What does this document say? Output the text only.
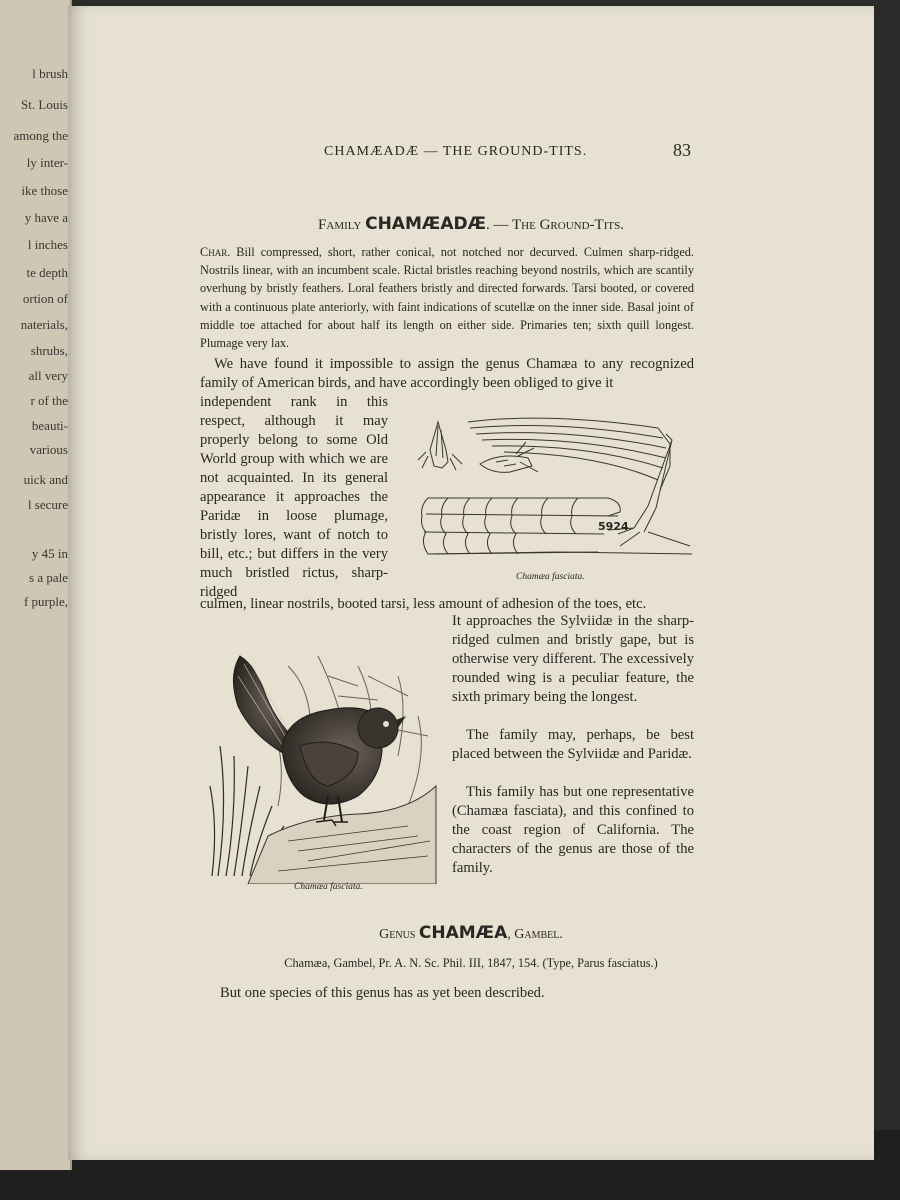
l brush
St. Louis
among the
ly inter-
ike those
y have a
l inches
te depth
ortion of
naterials,
shrubs,
all very
r of the
beauti-
various
uick and
l secure
y 45 in
s a pale
f purple,
CHAMÆADÆ — THE GROUND-TITS.	83
Family CHAMÆADÆ. — The Ground-Tits.
Char. Bill compressed, short, rather conical, not notched nor decurved. Culmen sharp-ridged. Nostrils linear, with an incumbent scale. Rictal bristles reaching beyond nostrils, which are scantily overhung by bristly feathers. Loral feathers bristly and directed forwards. Tarsi booted, or covered with a continuous plate anteriorly, with faint indications of scutellæ on the inner side. Basal joint of middle toe attached for about half its length on either side. Primaries ten; sixth quill longest. Plumage very lax.
We have found it impossible to assign the genus Chamæa to any recognized family of American birds, and have accordingly been obliged to give it
independent rank in this respect, although it may properly belong to some Old World group with which we are not acquainted. In its general appearance it approaches the Paridæ in loose plumage, bristly lores, want of notch to bill, etc.; but differs in the very much bristled rictus, sharp-ridged
culmen, linear nostrils, booted tarsi, less amount of adhesion of the toes, etc.
5924
Chamæa fasciata.
Chamæa fasciata.
It approaches the Sylviidæ in the sharp-ridged culmen and bristly gape, but is otherwise very different. The excessively rounded wing is a peculiar feature, the sixth primary being the longest.
The family may, perhaps, be best placed between the Sylviidæ and Paridæ.
This family has but one representative (Chamæa fasciata), and this confined to the coast region of California. The characters of the genus are those of the family.
Genus CHAMÆA, Gambel.
Chamæa, Gambel, Pr. A. N. Sc. Phil. III, 1847, 154. (Type, Parus fasciatus.)
But one species of this genus has as yet been described.
